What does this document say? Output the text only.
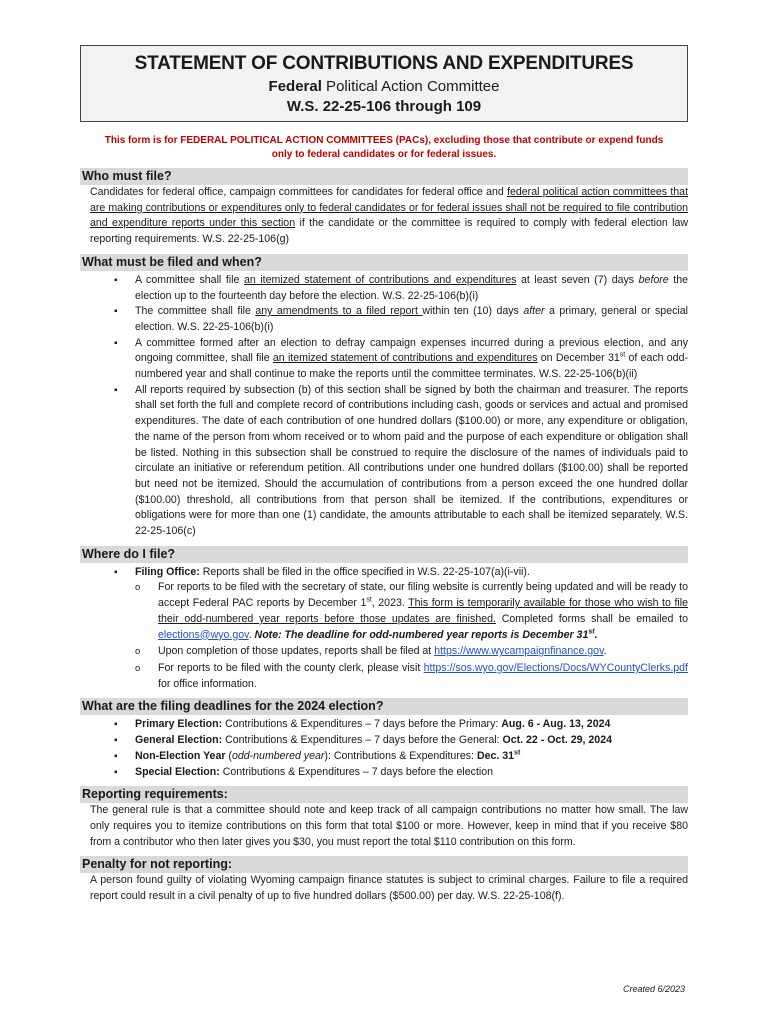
STATEMENT OF CONTRIBUTIONS AND EXPENDITURES
Federal Political Action Committee
W.S. 22-25-106 through 109
This form is for FEDERAL POLITICAL ACTION COMMITTEES (PACs), excluding those that contribute or expend funds only to federal candidates or for federal issues.
Who must file?
Candidates for federal office, campaign committees for candidates for federal office and federal political action committees that are making contributions or expenditures only to federal candidates or for federal issues shall not be required to file contribution and expenditure reports under this section if the candidate or the committee is required to comply with federal election law reporting requirements. W.S. 22-25-106(g)
What must be filed and when?
▪ A committee shall file an itemized statement of contributions and expenditures at least seven (7) days before the election up to the fourteenth day before the election. W.S. 22-25-106(b)(i)
▪ The committee shall file any amendments to a filed report within ten (10) days after a primary, general or special election. W.S. 22-25-106(b)(i)
▪ A committee formed after an election to defray campaign expenses incurred during a previous election, and any ongoing committee, shall file an itemized statement of contributions and expenditures on December 31st of each odd-numbered year and shall continue to make the reports until the committee terminates. W.S. 22-25-106(b)(ii)
▪ All reports required by subsection (b) of this section shall be signed by both the chairman and treasurer. The reports shall set forth the full and complete record of contributions including cash, goods or services and actual and promised expenditures. The date of each contribution of one hundred dollars ($100.00) or more, any expenditure or obligation, the name of the person from whom received or to whom paid and the purpose of each expenditure or obligation shall be listed. Nothing in this subsection shall be construed to require the disclosure of the names of individuals paid to circulate an initiative or referendum petition. All contributions under one hundred dollars ($100.00) shall be reported but need not be itemized. Should the accumulation of contributions from a person exceed the one hundred dollar ($100.00) threshold, all contributions from that person shall be itemized. If the contributions, expenditures or obligations were for more than one (1) candidate, the amounts attributable to each shall be itemized separately. W.S. 22-25-106(c)
Where do I file?
▪ Filing Office: Reports shall be filed in the office specified in W.S. 22-25-107(a)(i-vii).
o For reports to be filed with the secretary of state, our filing website is currently being updated and will be ready to accept Federal PAC reports by December 1st, 2023. This form is temporarily available for those who wish to file their odd-numbered year reports before those updates are finished. Completed forms shall be emailed to elections@wyo.gov. Note: The deadline for odd-numbered year reports is December 31st.
o Upon completion of those updates, reports shall be filed at https://www.wycampaignfinance.gov.
o For reports to be filed with the county clerk, please visit https://sos.wyo.gov/Elections/Docs/WYCountyClerks.pdf for office information.
What are the filing deadlines for the 2024 election?
▪ Primary Election: Contributions & Expenditures – 7 days before the Primary: Aug. 6 - Aug. 13, 2024
▪ General Election: Contributions & Expenditures – 7 days before the General: Oct. 22 - Oct. 29, 2024
▪ Non-Election Year (odd-numbered year): Contributions & Expenditures: Dec. 31st
▪ Special Election: Contributions & Expenditures – 7 days before the election
Reporting requirements:
The general rule is that a committee should note and keep track of all campaign contributions no matter how small. The law only requires you to itemize contributions on this form that total $100 or more. However, keep in mind that if you receive $80 from a contributor who then later gives you $30, you must report the total $110 contribution on this form.
Penalty for not reporting:
A person found guilty of violating Wyoming campaign finance statutes is subject to criminal charges. Failure to file a required report could result in a civil penalty of up to five hundred dollars ($500.00) per day. W.S. 22-25-108(f).
Created 6/2023
